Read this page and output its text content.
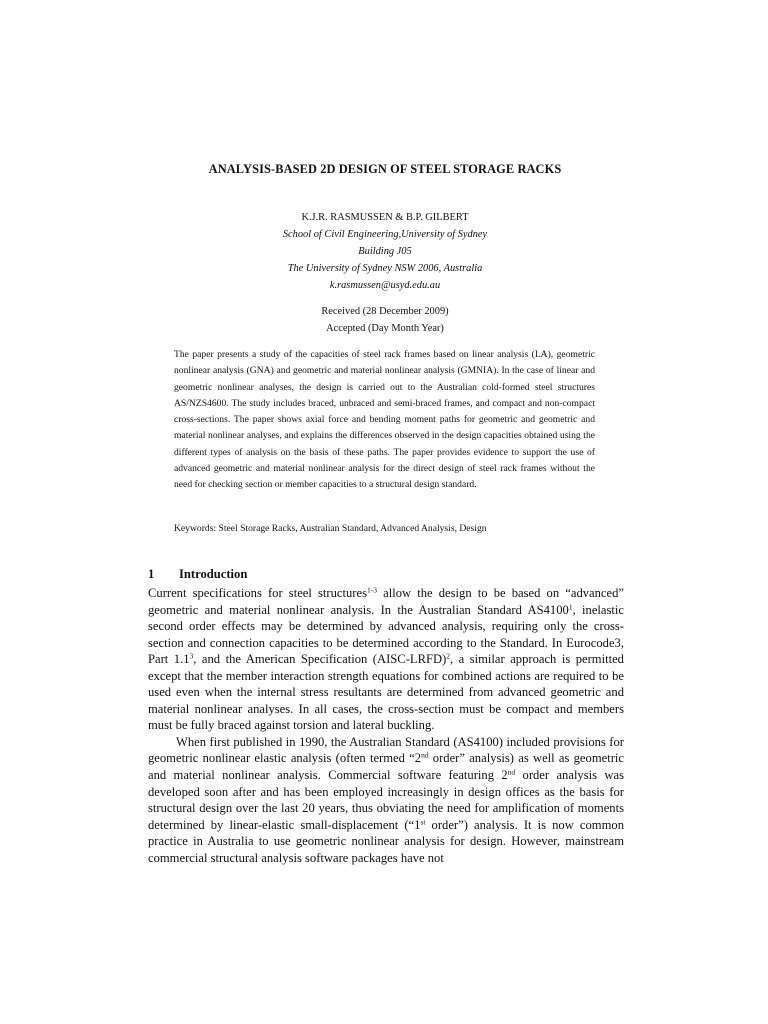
ANALYSIS-BASED 2D DESIGN OF STEEL STORAGE RACKS
K.J.R. RASMUSSEN & B.P. GILBERT
School of Civil Engineering,University of Sydney
Building J05
The University of Sydney NSW 2006, Australia
k.rasmussen@usyd.edu.au
Received (28 December 2009)
Accepted (Day Month Year)

The paper presents a study of the capacities of steel rack frames based on linear analysis (LA), geometric nonlinear analysis (GNA) and geometric and material nonlinear analysis (GMNIA). In the case of linear and geometric nonlinear analyses, the design is carried out to the Australian cold-formed steel structures AS/NZS4600. The study includes braced, unbraced and semi-braced frames, and compact and non-compact cross-sections. The paper shows axial force and bending moment paths for geometric and geometric and material nonlinear analyses, and explains the differences observed in the design capacities obtained using the different types of analysis on the basis of these paths. The paper provides evidence to support the use of advanced geometric and material nonlinear analysis for the direct design of steel rack frames without the need for checking section or member capacities to a structural design standard.

Keywords: Steel Storage Racks, Australian Standard, Advanced Analysis, Design
1 Introduction

Current specifications for steel structures$^{1-3}$ allow the design to be based on “advanced” geometric and material nonlinear analysis. In the Australian Standard AS4100$^1$, inelastic second order effects may be determined by advanced analysis, requiring only the cross-section and connection capacities to be determined according to the Standard. In Eurocode3, Part $1.1^3$, and the American Specification (AISC-LRFD)$^2$, a similar approach is permitted except that the member interaction strength equations for combined actions are required to be used even when the internal stress resultants are determined from advanced geometric and material nonlinear analyses. In all cases, the cross-section must be compact and members must be fully braced against torsion and lateral buckling.

When first published in 1990, the Australian Standard (AS4100) included provisions for geometric nonlinear elastic analysis (often termed “2nd order” analysis) as well as geometric and material nonlinear analysis. Commercial software featuring 2nd order analysis was developed soon after and has been employed increasingly in design offices as the basis for structural design over the last 20 years, thus obviating the need for amplification of moments determined by linear-elastic small-displacement (“1st order”) analysis. It is now common practice in Australia to use geometric nonlinear analysis for design. However, mainstream commercial structural analysis software packages have not
